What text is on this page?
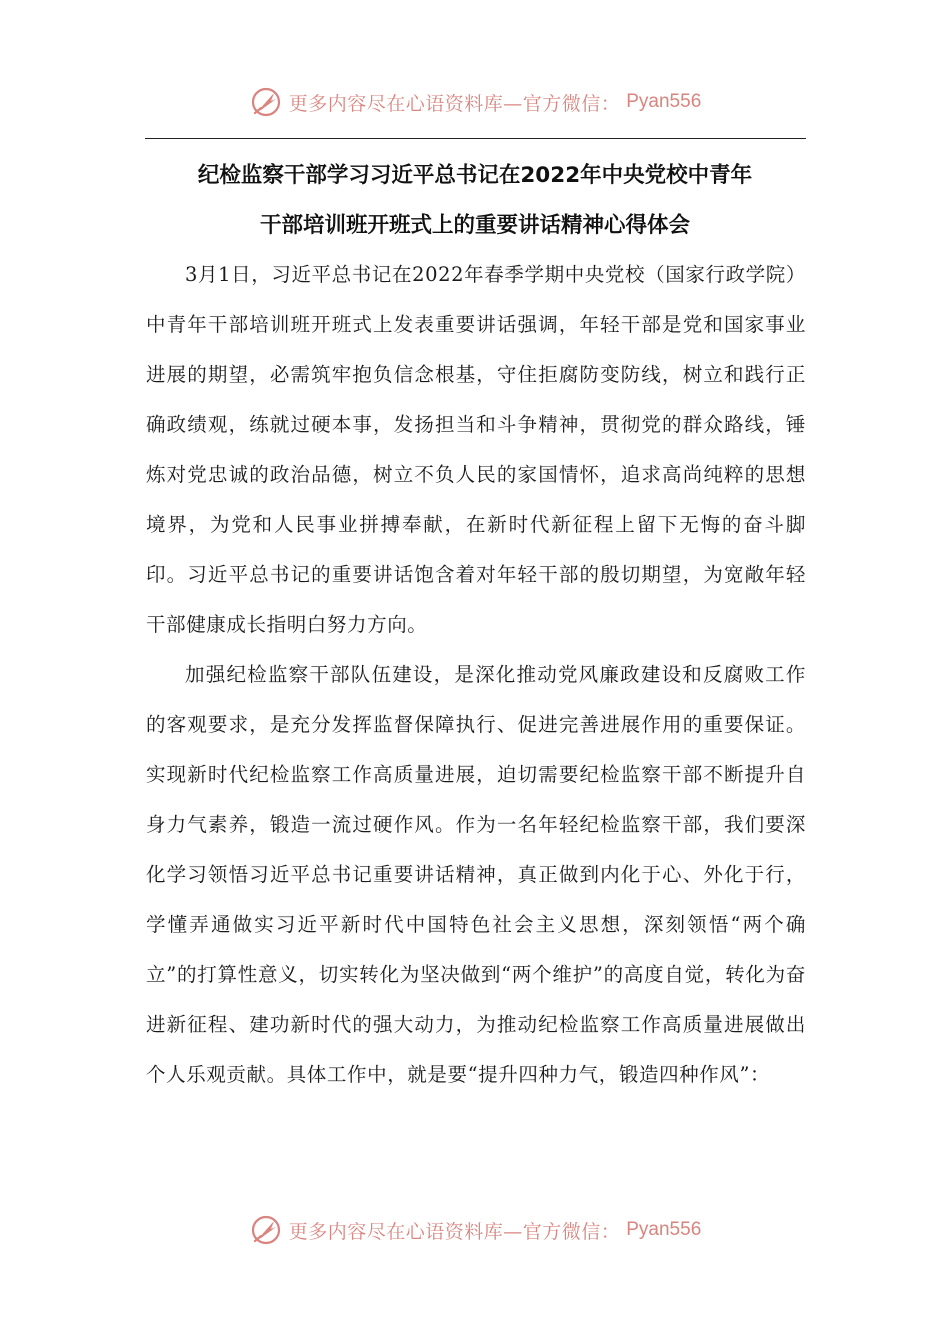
更多内容尽在心语资料库—官方微信： Pyan556
纪检监察干部学习习近平总书记在2022年中央党校中青年
干部培训班开班式上的重要讲话精神心得体会

3月1日，习近平总书记在2022年春季学期中央党校（国家行政学院）中青年干部培训班开班式上发表重要讲话强调，年轻干部是党和国家事业进展的期望，必需筑牢抱负信念根基，守住拒腐防变防线，树立和践行正确政绩观，练就过硬本事，发扬担当和斗争精神，贯彻党的群众路线，锤炼对党忠诚的政治品德，树立不负人民的家国情怀，追求高尚纯粹的思想境界，为党和人民事业拼搏奉献，在新时代新征程上留下无悔的奋斗脚印。习近平总书记的重要讲话饱含着对年轻干部的殷切期望，为宽敞年轻干部健康成长指明白努力方向。

加强纪检监察干部队伍建设，是深化推动党风廉政建设和反腐败工作的客观要求，是充分发挥监督保障执行、促进完善进展作用的重要保证。实现新时代纪检监察工作高质量进展，迫切需要纪检监察干部不断提升自身力气素养，锻造一流过硬作风。作为一名年轻纪检监察干部，我们要深化学习领悟习近平总书记重要讲话精神，真正做到内化于心、外化于行，学懂弄通做实习近平新时代中国特色社会主义思想，深刻领悟“两个确立”的打算性意义，切实转化为坚决做到“两个维护”的高度自觉，转化为奋进新征程、建功新时代的强大动力，为推动纪检监察工作高质量进展做出个人乐观贡献。具体工作中，就是要“提升四种力气，锻造四种作风”：

更多内容尽在心语资料库—官方微信： Pyan556
